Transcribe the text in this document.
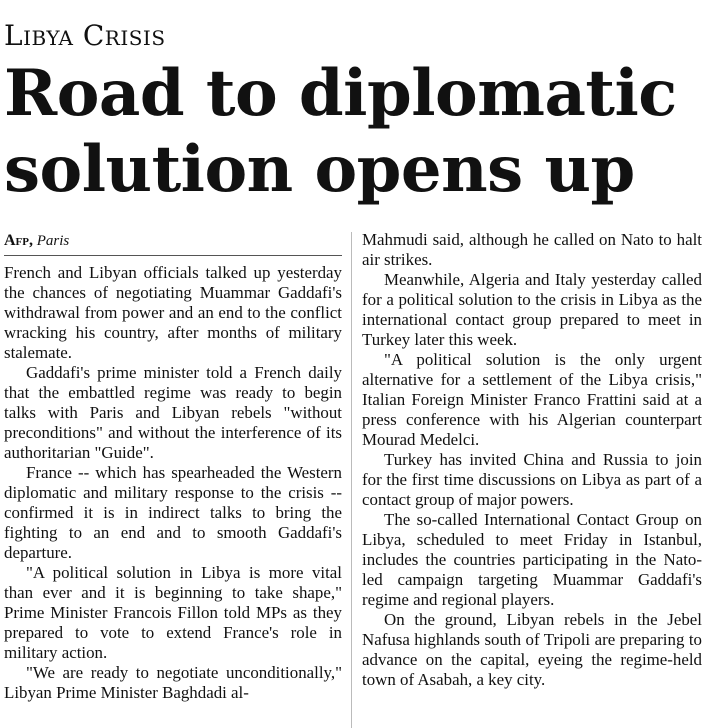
Libya Crisis
Road to diplomatic
solution opens up
Afp, Paris

French and Libyan officials talked up yesterday the chances of negotiating Muammar Gaddafi's withdrawal from power and an end to the conflict wracking his country, after months of military stalemate.

Gaddafi's prime minister told a French daily that the embattled regime was ready to begin talks with Paris and Libyan rebels "without preconditions" and without the interference of its authoritarian "Guide".

France -- which has spearheaded the Western diplomatic and military response to the crisis -- confirmed it is in indirect talks to bring the fighting to an end and to smooth Gaddafi's departure.

"A political solution in Libya is more vital than ever and it is beginning to take shape," Prime Minister Francois Fillon told MPs as they prepared to vote to extend France's role in military action.

"We are ready to negotiate unconditionally," Libyan Prime Minister Baghdadi al-

Mahmudi said, although he called on Nato to halt air strikes.

Meanwhile, Algeria and Italy yesterday called for a political solution to the crisis in Libya as the international contact group prepared to meet in Turkey later this week.

"A political solution is the only urgent alternative for a settlement of the Libya crisis," Italian Foreign Minister Franco Frattini said at a press conference with his Algerian counterpart Mourad Medelci.

Turkey has invited China and Russia to join for the first time discussions on Libya as part of a contact group of major powers.

The so-called International Contact Group on Libya, scheduled to meet Friday in Istanbul, includes the countries participating in the Nato-led campaign targeting Muammar Gaddafi's regime and regional players.

On the ground, Libyan rebels in the Jebel Nafusa highlands south of Tripoli are preparing to advance on the capital, eyeing the regime-held town of Asabah, a key city.
